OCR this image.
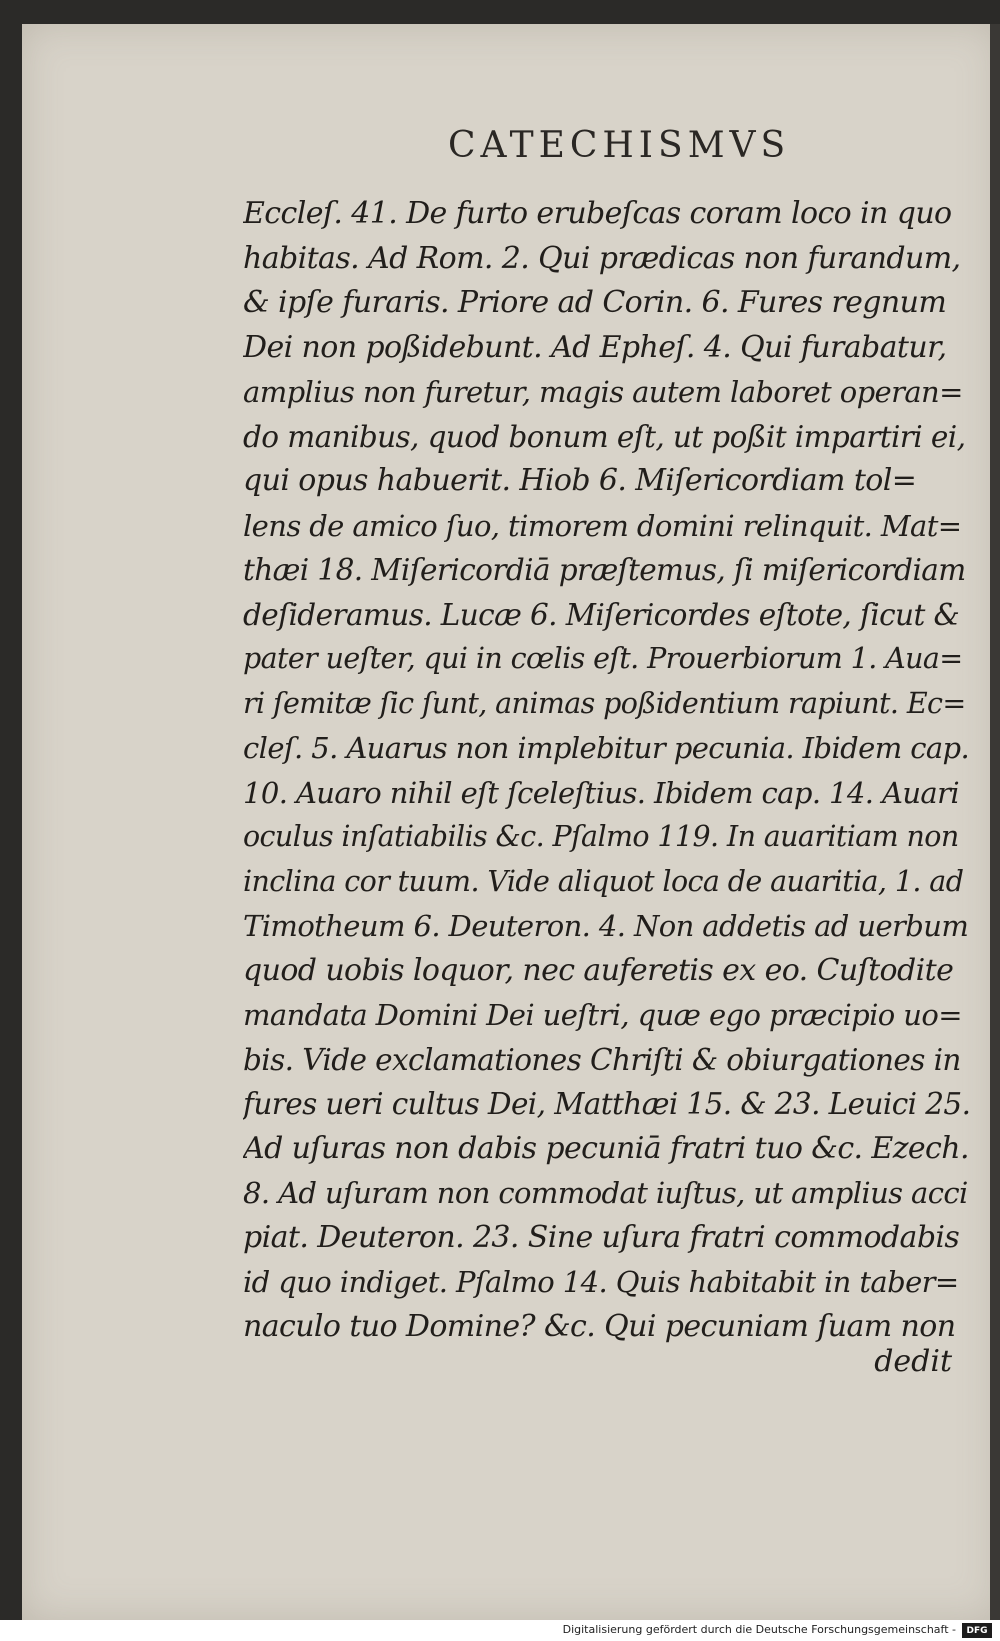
CATECHISMVS
Eccleſ. 41. De furto erubeſcas coram loco in quo
habitas. Ad Rom. 2. Qui prædicas non furandum,
& ipſe furaris. Priore ad Corin. 6. Fures regnum
Dei non poßidebunt. Ad Epheſ. 4. Qui furabatur,
amplius non furetur, magis autem laboret operan=
do manibus, quod bonum eſt, ut poßit impartiri ei,
qui opus habuerit. Hiob 6. Miſericordiam tol=
lens de amico ſuo, timorem domini relinquit. Mat=
thæi 18. Miſericordiā præſtemus, ſi miſericordiam
deſideramus. Lucæ 6. Miſericordes eſtote, ſicut &
pater ueſter, qui in cœlis eſt. Prouerbiorum 1. Aua=
ri ſemitæ ſic ſunt, animas poßidentium rapiunt. Ec=
cleſ. 5. Auarus non implebitur pecunia. Ibidem cap.
10. Auaro nihil eſt ſceleſtius. Ibidem cap. 14. Auari
oculus inſatiabilis &c. Pſalmo 119. In auaritiam non
inclina cor tuum. Vide aliquot loca de auaritia, 1. ad
Timotheum 6. Deuteron. 4. Non addetis ad uerbum
quod uobis loquor, nec auferetis ex eo. Cuſtodite
mandata Domini Dei ueſtri, quæ ego præcipio uo=
bis. Vide exclamationes Chriſti & obiurgationes in
fures ueri cultus Dei, Matthæi 15. & 23. Leuici 25.
Ad uſuras non dabis pecuniā fratri tuo &c. Ezech.
8. Ad uſuram non commodat iuſtus, ut amplius acci
piat. Deuteron. 23. Sine uſura fratri commodabis
id quo indiget. Pſalmo 14. Quis habitabit in taber=
naculo tuo Domine? &c. Qui pecuniam ſuam non
dedit
Digitalisierung gefördert durch die Deutsche Forschungsgemeinschaft -	DFG
